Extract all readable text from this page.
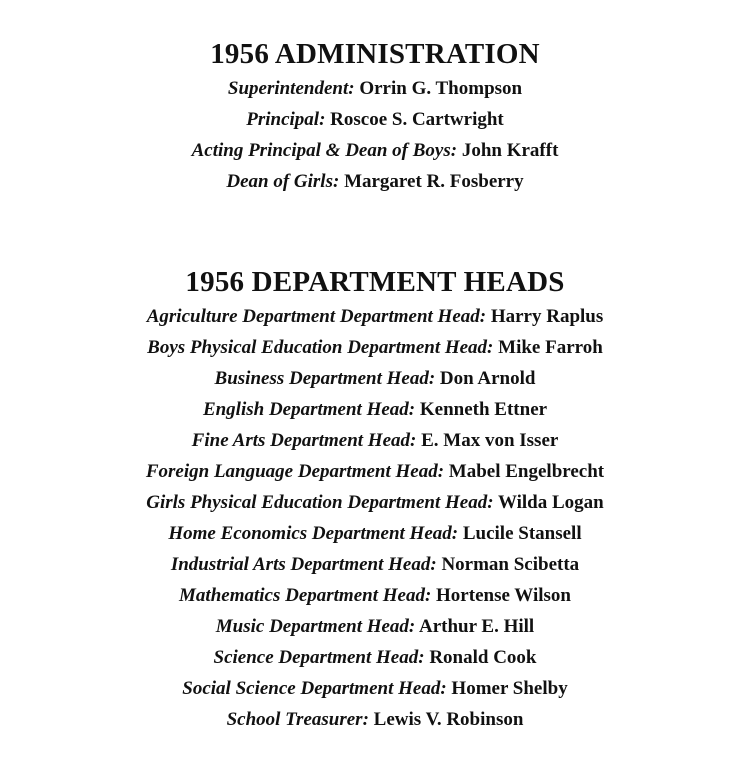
1956 ADMINISTRATION
Superintendent: Orrin G. Thompson
Principal: Roscoe S. Cartwright
Acting Principal & Dean of Boys: John Krafft
Dean of Girls: Margaret R. Fosberry
1956 DEPARTMENT HEADS
Agriculture Department Department Head: Harry Raplus
Boys Physical Education Department Head: Mike Farroh
Business Department Head: Don Arnold
English Department Head: Kenneth Ettner
Fine Arts Department Head: E. Max von Isser
Foreign Language Department Head: Mabel Engelbrecht
Girls Physical Education Department Head: Wilda Logan
Home Economics Department Head: Lucile Stansell
Industrial Arts Department Head: Norman Scibetta
Mathematics Department Head: Hortense Wilson
Music Department Head: Arthur E. Hill
Science Department Head: Ronald Cook
Social Science Department Head: Homer Shelby
School Treasurer: Lewis V. Robinson
